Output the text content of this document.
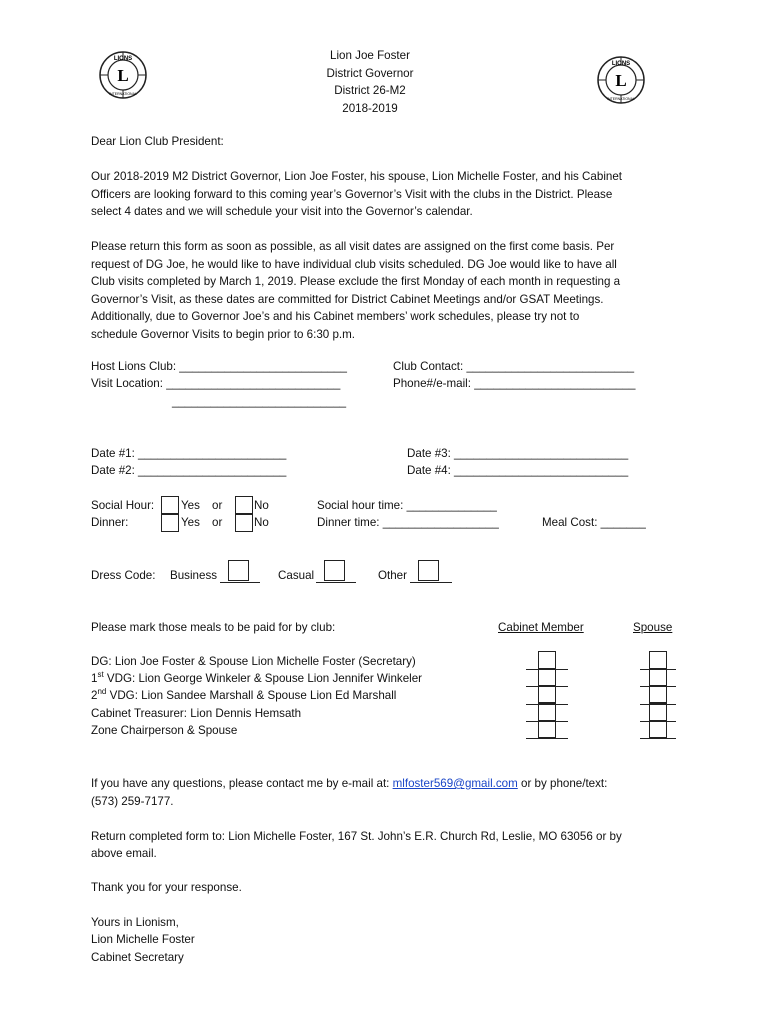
LIONS
L
INTERNATIONAL
LIONS
L
INTERNATIONAL
Lion Joe Foster
District Governor
District 26-M2
2018-2019
Dear Lion Club President:
Our 2018-2019 M2 District Governor, Lion Joe Foster, his spouse, Lion Michelle Foster, and his Cabinet
Officers are looking forward to this coming year’s Governor’s Visit with the clubs in the District. Please
select 4 dates and we will schedule your visit into the Governor’s calendar.
Please return this form as soon as possible, as all visit dates are assigned on the first come basis. Per
request of DG Joe, he would like to have individual club visits scheduled. DG Joe would like to have all
Club visits completed by March 1, 2019. Please exclude the first Monday of each month in requesting a
Governor’s Visit, as these dates are committed for District Cabinet Meetings and/or GSAT Meetings.
Additionally, due to Governor Joe’s and his Cabinet members’ work schedules, please try not to
schedule Governor Visits to begin prior to 6:30 p.m.
Host Lions Club: __________________________
Visit Location: ___________________________
___________________________
Club Contact: __________________________
Phone#/e-mail: _________________________
Date #1: _______________________
Date #2: _______________________
Date #3: ___________________________
Date #4: ___________________________
Social Hour: Yes or	No
Dinner:	Yes or	No
Social hour time: ______________
Dinner time: __________________	Meal Cost: _______
Dress Code: Business	Casual	Other
Please mark those meals to be paid for by club:	Cabinet Member	Spouse
DG: Lion Joe Foster & Spouse Lion Michelle Foster (Secretary)
1st VDG: Lion George Winkeler & Spouse Lion Jennifer Winkeler
2nd VDG: Lion Sandee Marshall & Spouse Lion Ed Marshall
Cabinet Treasurer: Lion Dennis Hemsath
Zone Chairperson & Spouse
If you have any questions, please contact me by e-mail at: mlfoster569@gmail.com or by phone/text:
(573) 259-7177.
Return completed form to: Lion Michelle Foster, 167 St. John’s E.R. Church Rd, Leslie, MO 63056 or by
above email.
Thank you for your response.
Yours in Lionism,
Lion Michelle Foster
Cabinet Secretary
